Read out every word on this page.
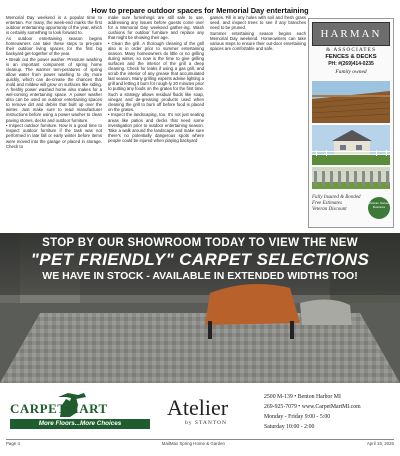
How to prepare outdoor spaces for Memorial Day entertaining

Memorial Day weekend is a popular time to entertain. For many, the week-end marks the first outdoor entertaining opportunity of the year, which is certainly something to look forward to.

As outdoor entertaining season begins homeowners can take these steps to pre-pare their outdoor living spaces for the first big backyard get-together of the year.

• Break out the power washer. Pressure washing is an important component of spring home cleanup. The warmer tem-peratures of spring allow water from power washing to dry more quickly, which can de-crease the chances that mold and mildew will grow on surfaces like siding. A freshly power washed home also makes for a wel-coming entertaining space. A power washer also can be used on outdoor entertaining spaces to remove dirt and debris that built up over the winter. Just make sure to read manufacturer instructions before using a power washer to clean paving stones, decks and outdoor furniture.

• Inspect outdoor furniture. Now is a good time to inspect outdoor furniture if the task was not performed in late fall or early winter before items were moved into the garage or placed in storage. Check to

make sure furnishings are still safe to use, addressing any issues before guests come over for a Memorial Day weekend gather-ing. Wash cushions for outdoor furniture and replace any that might be showing their age.

• Clean the grill. A thorough cleaning of the grill also is in order prior to summer entertaining season. Many homeowners do little or no grilling during winter, so now is the time to give grilling surfaces and the interior of the grill a deep cleaning. Check for leaks if using a gas grill, and scrub the interior of any grease that accumulated last season. Many grilling experts advise lighting a grill and letting it burn for rough-ly 20 minutes prior to putting any foods on the grates for the first time. Such a strategy allows residual fluids like soap, vinegar and de-greasing products used when cleaning the grill to burn off before food is placed on the grates.

• Inspect the landscaping, too. It's not just seating areas like patios and decks that need some investigation prior to outdoor entertaining season. Take a walk around the landscape and make sure there's no potentially dangerous spots where people could be injured when playing backyard

games. Fill in any holes with soil and fresh grass seed, and inspect trees to see if any branches need to be pruned.

Summer entertaining season begins each Memorial Day weekend. Homeowners can take various steps to ensure their out-door entertaining spaces are comfortable and safe.

HARMAN
& ASSOCIATES
FENCES & DECKS
PH: #(269)414-0235
Family owned
Fully Insured & Bonded
Free Estimates
Veteran Discount
Veteran Owned Business
STOP BY OUR SHOWROOM TODAY TO VIEW THE NEW
"PET FRIENDLY" CARPET SELECTIONS
WE HAVE IN STOCK - AVAILABLE IN EXTENDED WIDTHS TOO!
CARPETMART
More Floors...More Choices
Atelier
by STANTON
2500 M-139 • Benton Harbor MI
269-925-7079 • www.CarpetMartMI.com
Monday - Friday 9:00 - 5:00
Saturday 10:00 - 2:00
Page 4	MailMax Spring Home & Garden	April 19, 2025
